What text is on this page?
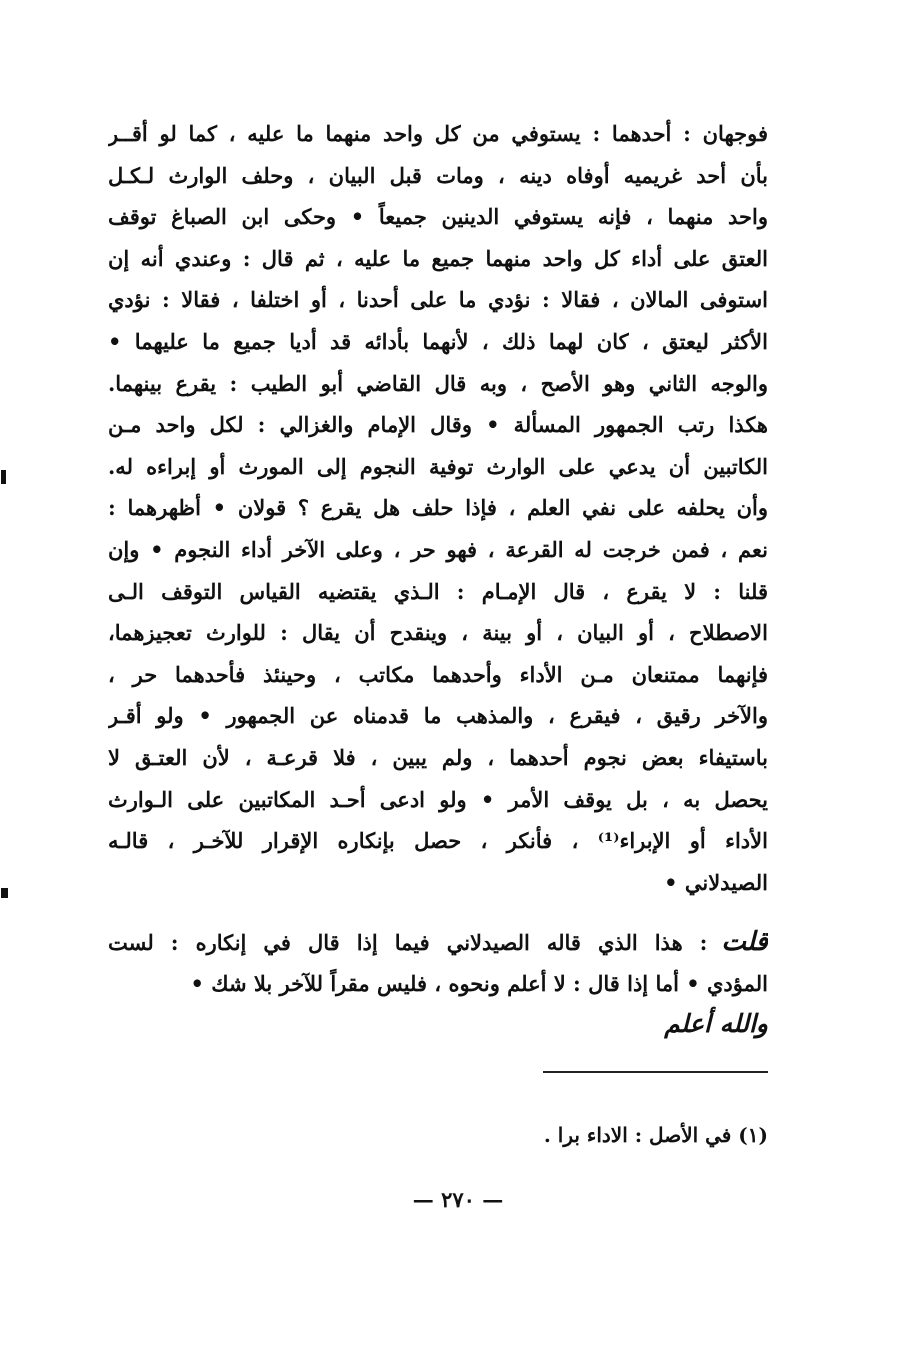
فوجهان : أحدهما : يستوفي من كل واحد منهما ما عليه ، كما لو أقــر
بأن أحد غريميه أوفاه دينه ، ومات قبل البيان ، وحلف الوارث لـكـل
واحد منهما ، فإنه يستوفي الدينين جميعاً • وحكى ابن الصباغ توقف
العتق على أداء كل واحد منهما جميع ما عليه ، ثم قال : وعندي أنه إن
استوفى المالان ، فقالا : نؤدي ما على أحدنا ، أو اختلفا ، فقالا : نؤدي
الأكثر ليعتق ، كان لهما ذلك ، لأنهما بأدائه قد أديا جميع ما عليهما •
والوجه الثاني وهو الأصح ، وبه قال القاضي أبو الطيب : يقرع بينهما.
هكذا رتب الجمهور المسألة • وقال الإمام والغزالي : لكل واحد مـن
الكاتبين أن يدعي على الوارث توفية النجوم إلى المورث أو إبراءه له.
وأن يحلفه على نفي العلم ، فإذا حلف هل يقرع ؟ قولان • أظهرهما :
نعم ، فمن خرجت له القرعة ، فهو حر ، وعلى الآخر أداء النجوم • وإن
قلنا : لا يقرع ، قال الإمـام : الـذي يقتضيه القياس التوقف الـى
الاصطلاح ، أو البيان ، أو بينة ، وينقدح أن يقال : للوارث تعجيزهما،
فإنهما ممتنعان مـن الأداء وأحدهما مكاتب ، وحينئذ فأحدهما حر ،
والآخر رقيق ، فيقرع ، والمذهب ما قدمناه عن الجمهور • ولو أقـر
باستيفاء بعض نجوم أحدهما ، ولم يبين ، فلا قرعـة ، لأن العتـق لا
يحصل به ، بل يوقف الأمر • ولو ادعى أحـد المكاتبين على الـوارث
الأداء أو الإبراء⁽¹⁾ ، فأنكر ، حصل بإنكاره الإقرار للآخـر ، قالـه
الصيدلاني •
قلت: هذا الذي قاله الصيدلاني فيما إذا قال في إنكاره : لست
المؤدي • أما إذا قال : لا أعلم ونحوه ، فليس مقراً للآخر بلا شك •
والله أعلم
(١) في الأصل : الاداء برا .
— ٢٧٠ —
